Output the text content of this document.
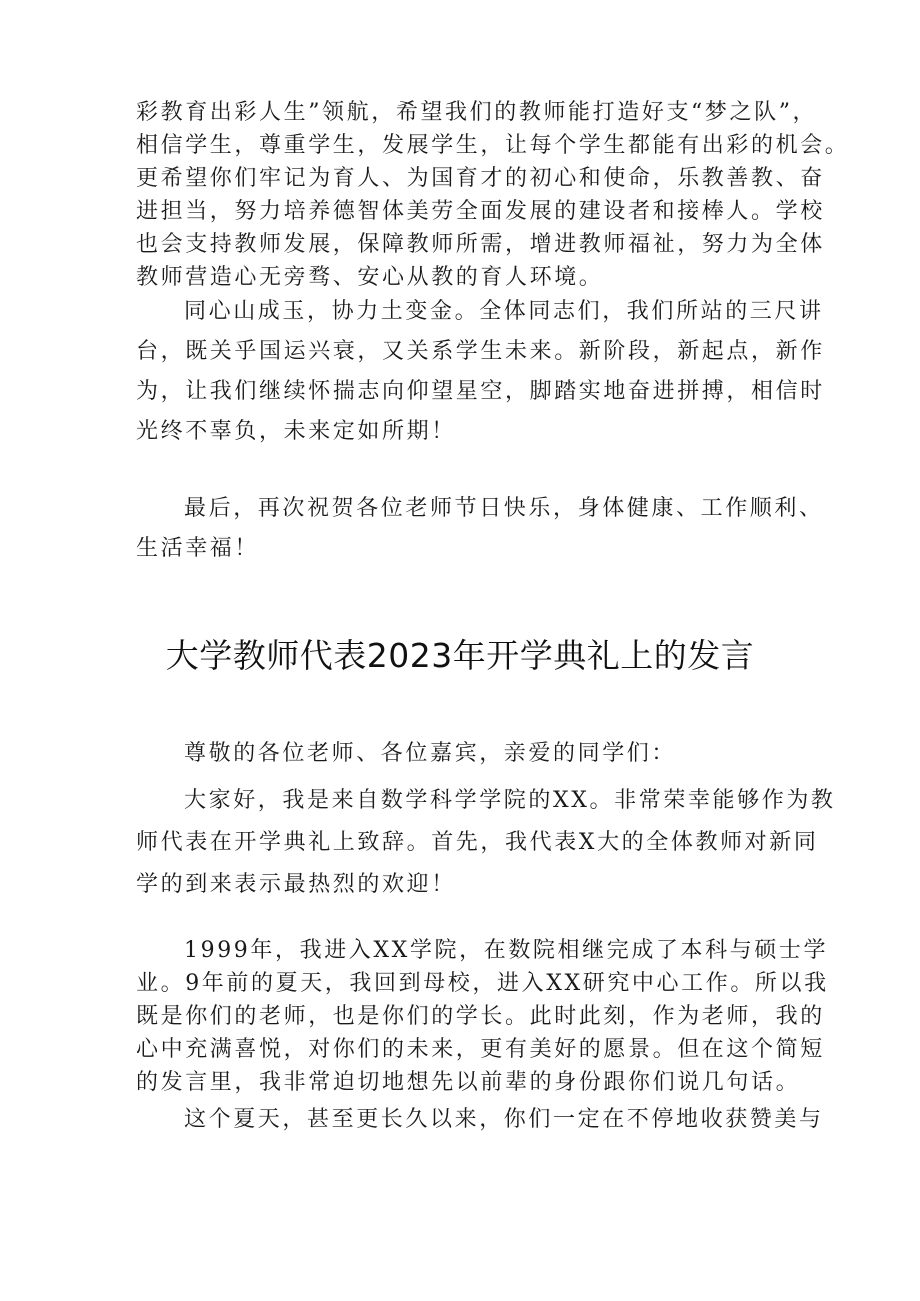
彩教育出彩人生”领航，希望我们的教师能打造好支“梦之队”，
相信学生，尊重学生，发展学生，让每个学生都能有出彩的机会。
更希望你们牢记为育人、为国育才的初心和使命，乐教善教、奋
进担当，努力培养德智体美劳全面发展的建设者和接棒人。学校
也会支持教师发展，保障教师所需，增进教师福祉，努力为全体
教师营造心无旁骛、安心从教的育人环境。
同心山成玉，协力土变金。全体同志们，我们所站的三尺讲
台，既关乎国运兴衰，又关系学生未来。新阶段，新起点，新作
为，让我们继续怀揣志向仰望星空，脚踏实地奋进拼搏，相信时
光终不辜负，未来定如所期！
最后，再次祝贺各位老师节日快乐，身体健康、工作顺利、
生活幸福！
大学教师代表2023年开学典礼上的发言
尊敬的各位老师、各位嘉宾，亲爱的同学们：
大家好，我是来自数学科学学院的XX。非常荣幸能够作为教
师代表在开学典礼上致辞。首先，我代表X大的全体教师对新同
学的到来表示最热烈的欢迎！
1999年，我进入XX学院，在数院相继完成了本科与硕士学
业。9年前的夏天，我回到母校，进入XX研究中心工作。所以我
既是你们的老师，也是你们的学长。此时此刻，作为老师，我的
心中充满喜悦，对你们的未来，更有美好的愿景。但在这个简短
的发言里，我非常迫切地想先以前辈的身份跟你们说几句话。
这个夏天，甚至更长久以来，你们一定在不停地收获赞美与
